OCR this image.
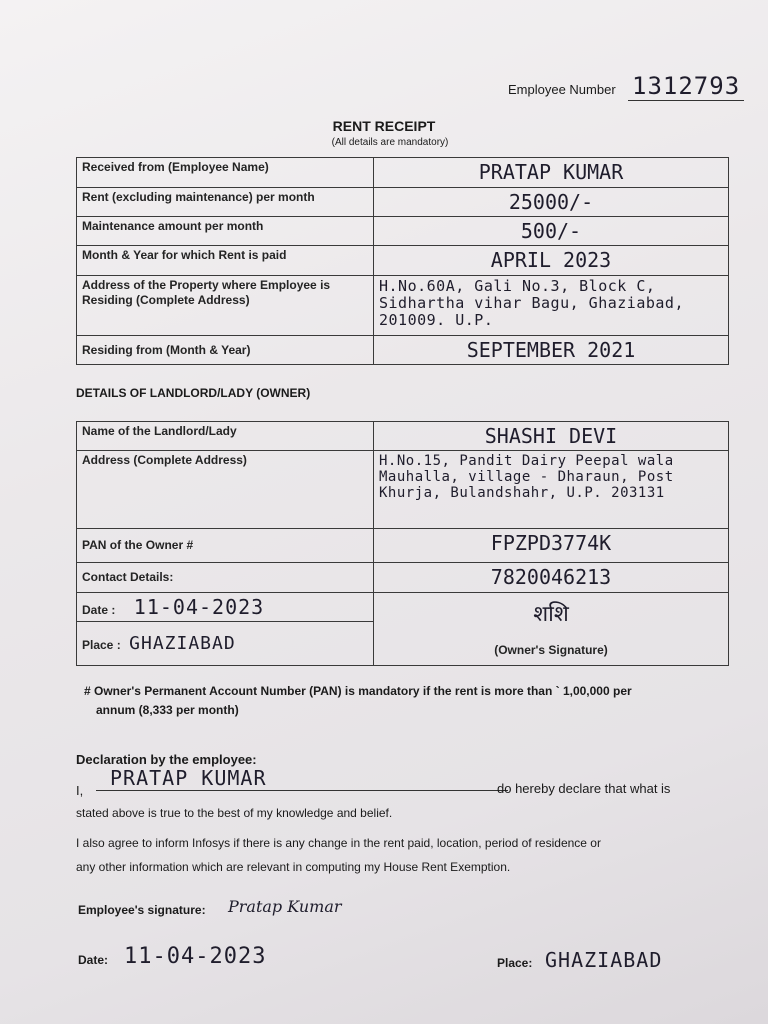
Employee Number 1312793
RENT RECEIPT
(All details are mandatory)
Received from (Employee Name)	PRATAP KUMAR
Rent (excluding maintenance) per month	25000/-
Maintenance amount per month	500/-
Month & Year for which Rent is paid	APRIL 2023
Address of the Property where Employee is Residing (Complete Address)	H.No.60A, Gali No.3, Block C, Sidhartha vihar Bagu, Ghaziabad, 201009. U.P.
Residing from (Month & Year)	SEPTEMBER 2021
DETAILS OF LANDLORD/LADY (OWNER)
Name of the Landlord/Lady	SHASHI DEVI
Address (Complete Address)	H.No.15, Pandit Dairy Peepal wala Mauhalla, village - Dharaun, Post Khurja, Bulandshahr, U.P. 203131
PAN of the Owner #	FPZPD3774K
Contact Details:	7820046213
Date : 11-04-2023	शशि
(Owner's Signature)

Place : GHAZIABAD	
# Owner's Permanent Account Number (PAN) is mandatory if the rent is more than ` 1,00,000 per
annum (8,333 per month)
Declaration by the employee:
I,
PRATAP KUMAR	do hereby declare that what is
stated above is true to the best of my knowledge and belief.
I also agree to inform Infosys if there is any change in the rent paid, location, period of residence or
any other information which are relevant in computing my House Rent Exemption.
Employee's signature: Pratap Kumar
Date: 11-04-2023	Place: GHAZIABAD
